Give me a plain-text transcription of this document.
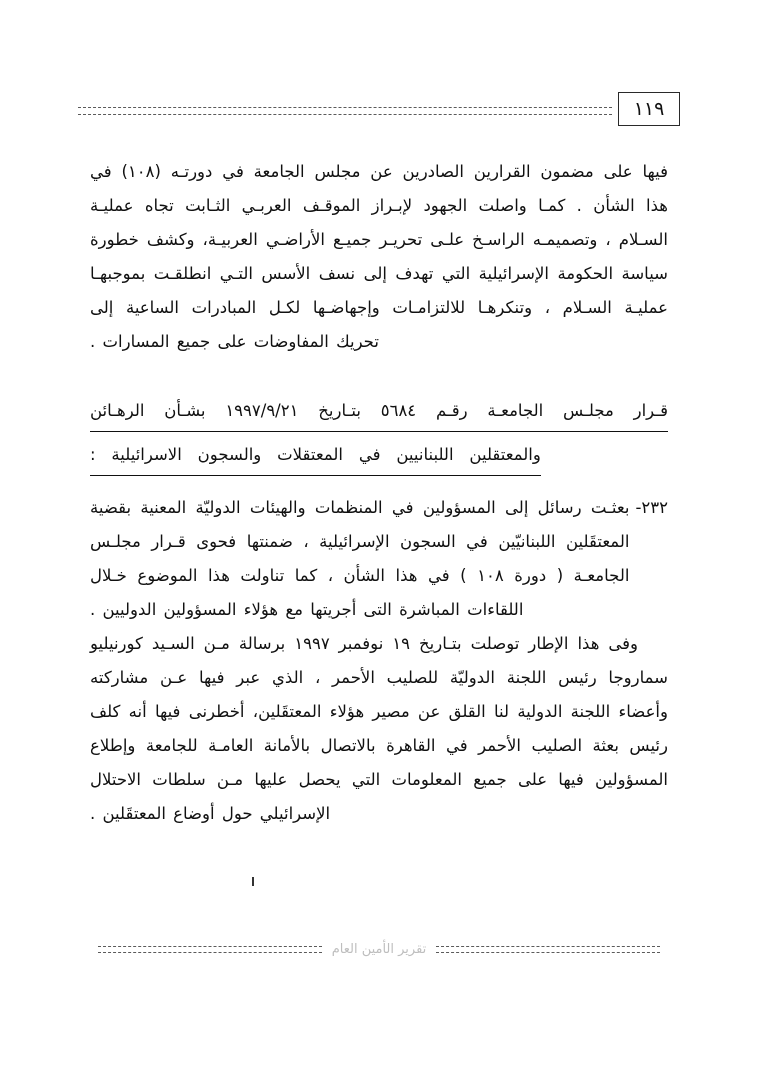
١١٩

فيها على مضمون القرارين الصادرين عن مجلس الجامعة في دورتـه (١٠٨) في هذا الشأن . كمـا واصلت الجهود لإبـراز الموقـف العربـي الثـابت تجاه عمليـة السـلام ، وتصميمـه الراسـخ علـى تحريـر جميـع الأراضـي العربيـة، وكشف خطورة سياسة الحكومة الإسرائيلية التي تهدف إلى نسف الأسس التـي انطلقـت بموجبهـا عمليـة السـلام ، وتنكرهـا للالتزامـات وإجهاضـها لكـل المبادرات الساعية إلى تحريك المفاوضات على جميع المسارات .

قـرار مجلـس الجامعـة رقـم ٥٦٨٤ بتـاريخ ١٩٩٧/٩/٢١ بشـأن الرهـائن
والمعتقلين اللبنانيين في المعتقلات والسجون الاسرائيلية :
٢٣٢-

بعثـت رسائل إلى المسؤولين في المنظمات والهيئات الدوليّة المعنية بقضية المعتقَلين اللبنانيّين في السجون الإسرائيلية ، ضمنتها فحوى قـرار مجلـس الجامعـة ( دورة ١٠٨ ) في هذا الشأن ، كما تناولت هذا الموضوع خـلال اللقاءات المباشرة التى أجريتها مع هؤلاء المسؤولين الدوليين .

وفى هذا الإطار توصلت بتـاريخ ١٩ نوفمبر ١٩٩٧ برسالة مـن السـيد كورنيليو سماروجا رئيس اللجنة الدوليّة للصليب الأحمر ، الذي عبر فيها عـن مشاركته وأعضاء اللجنة الدولية لنا القلق عن مصير هؤلاء المعتقَلين، أخطرنى فيها أنه كلف رئيس بعثة الصليب الأحمر في القاهرة بالاتصال بالأمانة العامـة للجامعة وإطلاع المسؤولين فيها على جميع المعلومات التي يحصل عليها مـن سلطات الاحتلال الإسرائيلي حول أوضاع المعتقَلين .

تقرير الأمين العام
